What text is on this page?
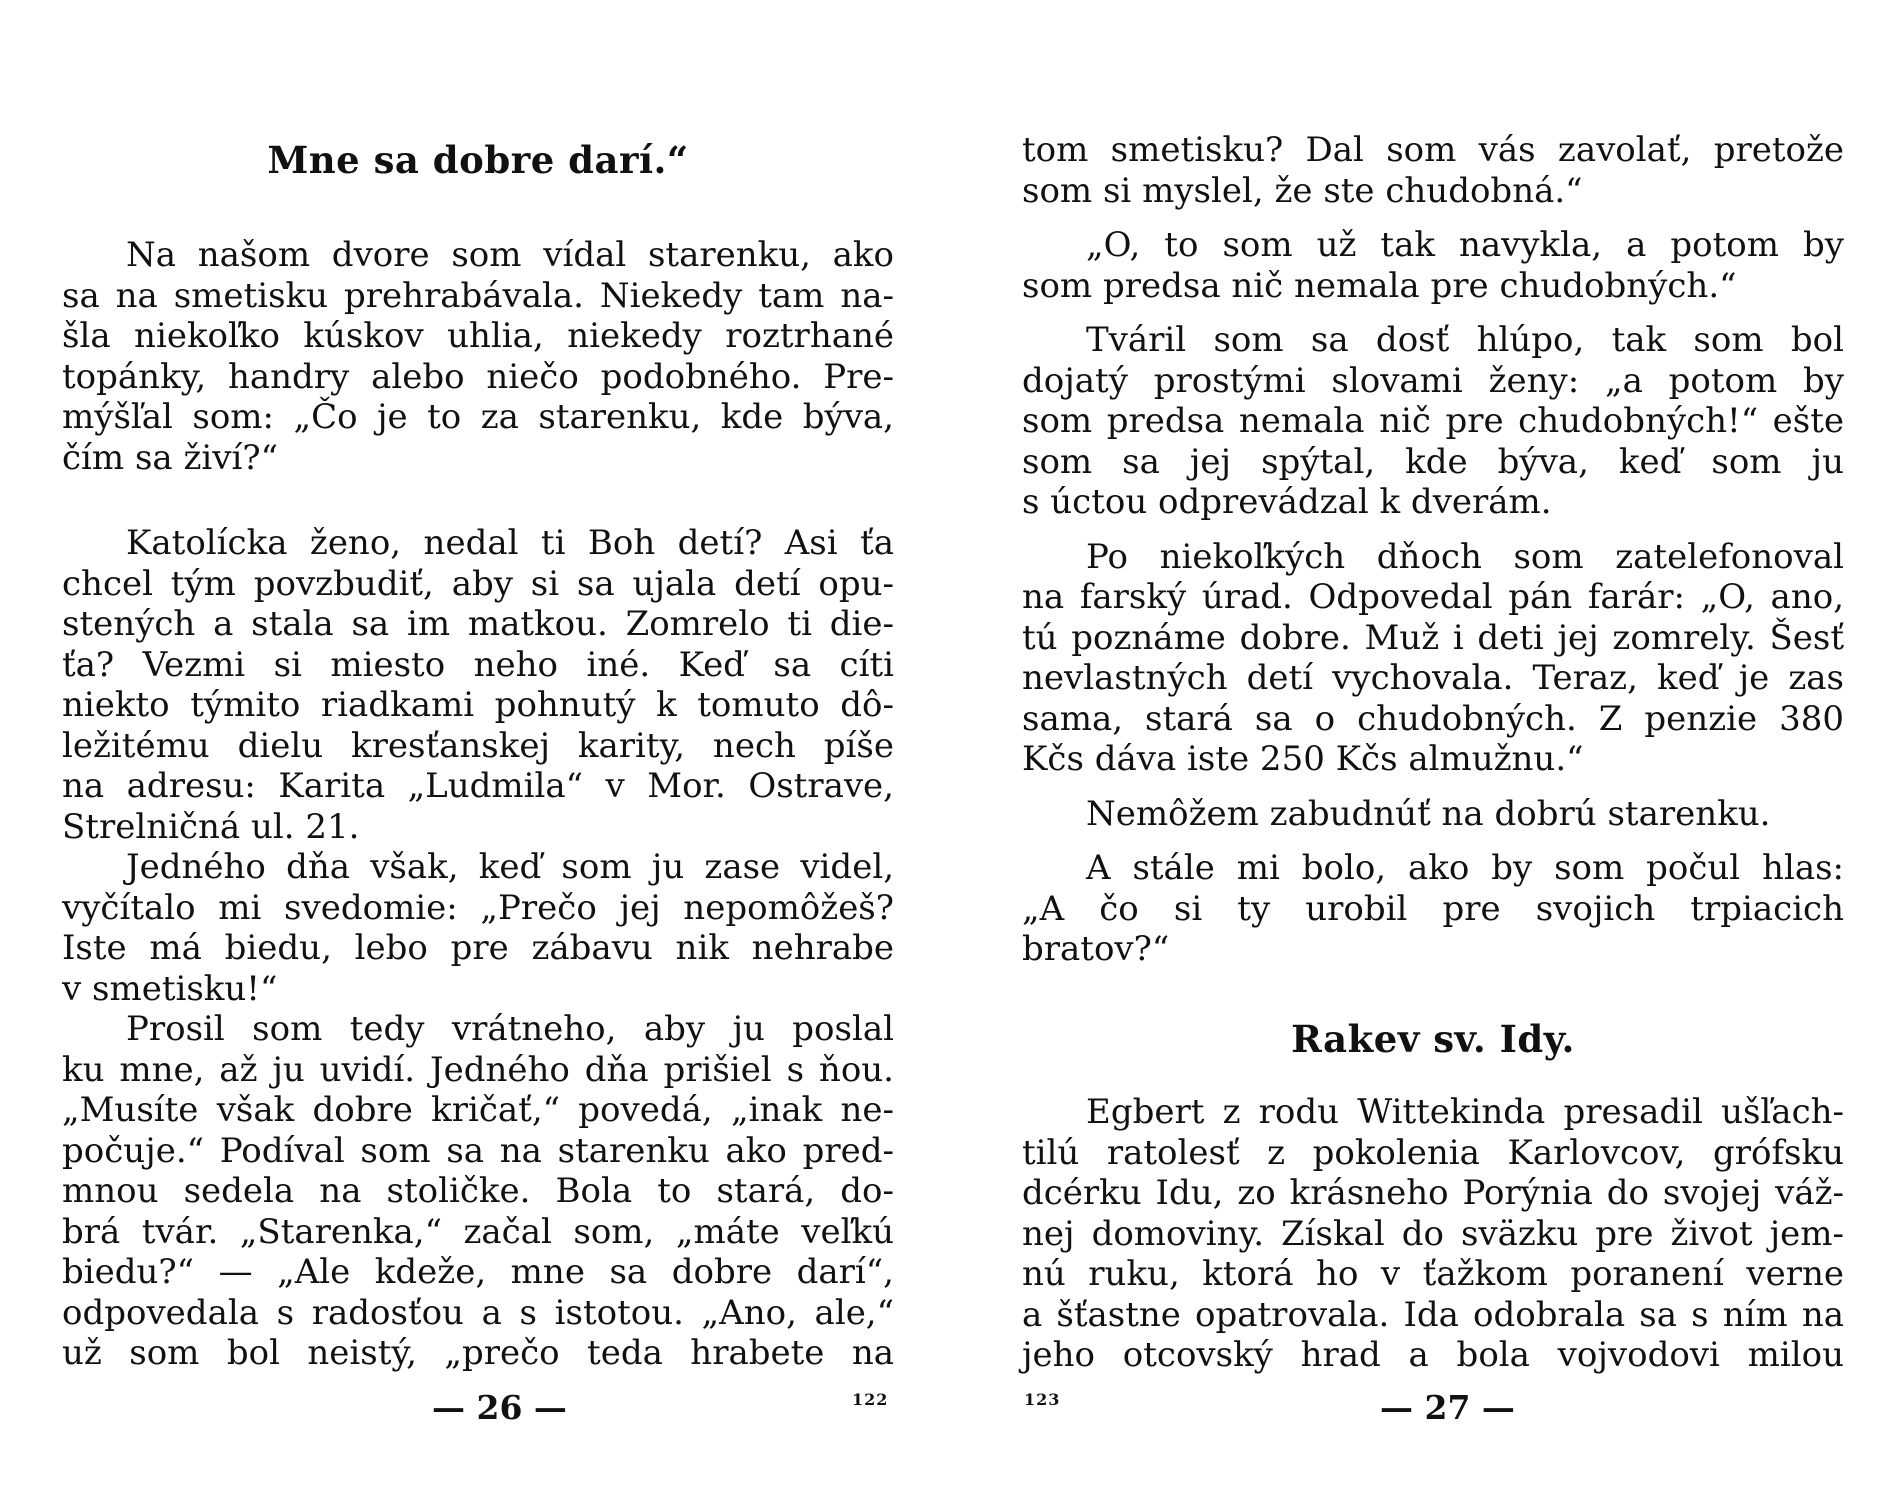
Mne sa dobre darí.“
Na našom dvore som vídal starenku, ako
sa na smetisku prehrabávala. Niekedy tam na-
šla niekoľko kúskov uhlia, niekedy roztrhané
topánky, handry alebo niečo podobného. Pre-
mýšľal som: „Čo je to za starenku, kde býva,
čím sa živí?“
Katolícka ženo, nedal ti Boh detí? Asi ťa
chcel tým povzbudiť, aby si sa ujala detí opu-
stených a stala sa im matkou. Zomrelo ti die-
ťa? Vezmi si miesto neho iné. Keď sa cíti
niekto týmito riadkami pohnutý k tomuto dô-
ležitému dielu kresťanskej karity, nech píše
na adresu: Karita „Ludmila“ v Mor. Ostrave,
Strelničná ul. 21.
Jedného dňa však, keď som ju zase videl,
vyčítalo mi svedomie: „Prečo jej nepomôžeš?
Iste má biedu, lebo pre zábavu nik nehrabe
v smetisku!“
Prosil som tedy vrátneho, aby ju poslal
ku mne, až ju uvidí. Jedného dňa prišiel s ňou.
„Musíte však dobre kričať,“ povedá, „inak ne-
počuje.“ Podíval som sa na starenku ako pred-
mnou sedela na stoličke. Bola to stará, do-
brá tvár. „Starenka,“ začal som, „máte veľkú
biedu?“ — „Ale kdeže, mne sa dobre darí“,
odpovedala s radosťou a s istotou. „Ano, ale,“
už som bol neistý, „prečo teda hrabete na
— 26 —	122
tom smetisku? Dal som vás zavolať, pretože
som si myslel, že ste chudobná.“
„O, to som už tak navykla, a potom by
som predsa nič nemala pre chudobných.“
Tváril som sa dosť hlúpo, tak som bol
dojatý prostými slovami ženy: „a potom by
som predsa nemala nič pre chudobných!“ ešte
som sa jej spýtal, kde býva, keď som ju
s úctou odprevádzal k dverám.
Po niekoľkých dňoch som zatelefonoval
na farský úrad. Odpovedal pán farár: „O, ano,
tú poznáme dobre. Muž i deti jej zomrely. Šesť
nevlastných detí vychovala. Teraz, keď je zas
sama, stará sa o chudobných. Z penzie 380
Kčs dáva iste 250 Kčs almužnu.“
Nemôžem zabudnúť na dobrú starenku.
A stále mi bolo, ako by som počul hlas:
„A čo si ty urobil pre svojich trpiacich
bratov?“
Rakev sv. Idy.
Egbert z rodu Wittekinda presadil ušľach-
tilú ratolesť z pokolenia Karlovcov, grófsku
dcérku Idu, zo krásneho Porýnia do svojej váž-
nej domoviny. Získal do sväzku pre život jem-
nú ruku, ktorá ho v ťažkom poranení verne
a šťastne opatrovala. Ida odobrala sa s ním na
jeho otcovský hrad a bola vojvodovi milou
123	— 27 —
